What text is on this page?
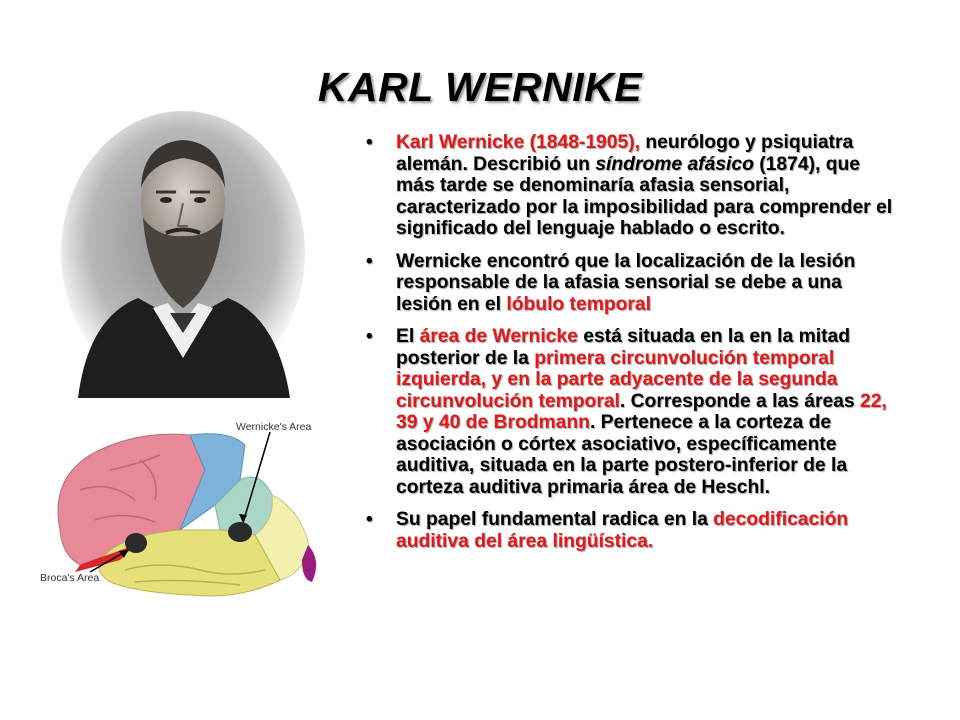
KARL WERNIKE
Wernicke's Area
Broca's Area
• Karl Wernicke (1848-1905), neurólogo y psiquiatra alemán. Describió un síndrome afásico (1874), que más tarde se denominaría afasia sensorial, caracterizado por la imposibilidad para comprender el significado del lenguaje hablado o escrito.
• Wernicke encontró que la localización de la lesión responsable de la afasia sensorial se debe a una lesión en el lóbulo temporal
• El área de Wernicke está situada en la en la mitad posterior de la primera circunvolución temporal izquierda, y en la parte adyacente de la segunda circunvolución temporal. Corresponde a las áreas 22, 39 y 40 de Brodmann. Pertenece a la corteza de asociación o córtex asociativo, específicamente auditiva, situada en la parte postero-inferior de la corteza auditiva primaria área de Heschl.
• Su papel fundamental radica en la decodificación auditiva del área lingüística.
